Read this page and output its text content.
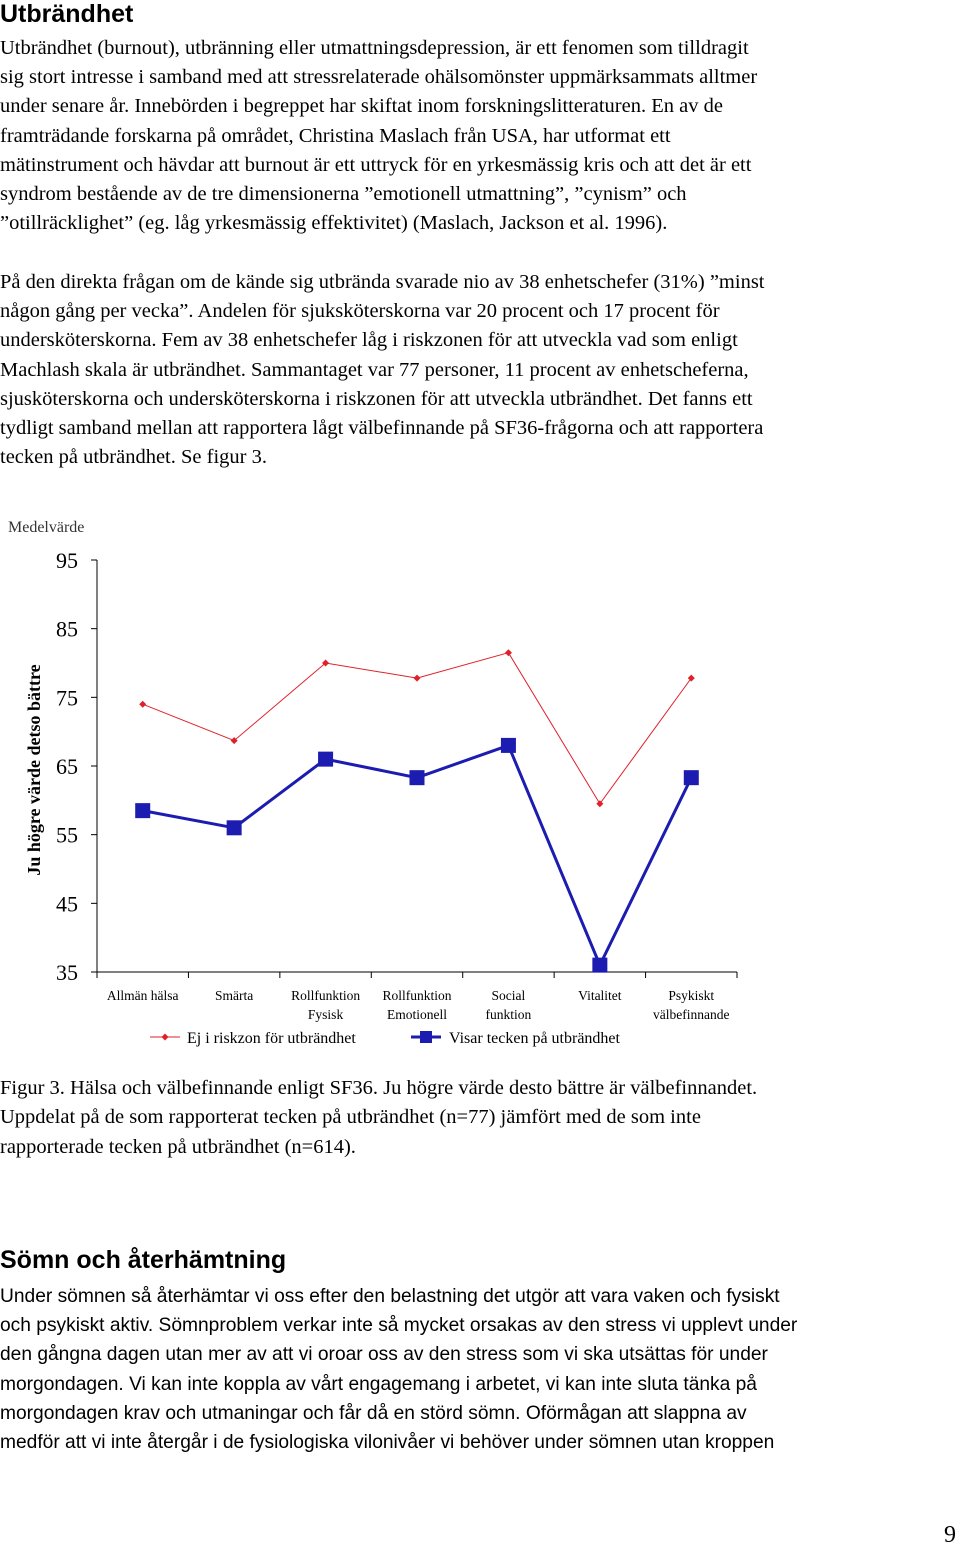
Utbrändhet
Utbrändhet (burnout), utbränning eller utmattningsdepression, är ett fenomen som tilldragit
sig stort intresse i samband med att stressrelaterade ohälsomönster uppmärksammats alltmer
under senare år. Innebörden i begreppet har skiftat inom forskningslitteraturen. En av de
framträdande forskarna på området, Christina Maslach från USA, har utformat ett
mätinstrument och hävdar att burnout är ett uttryck för en yrkesmässig kris och att det är ett
syndrom bestående av de tre dimensionerna ”emotionell utmattning”, ”cynism” och
”otillräcklighet” (eg. låg yrkesmässig effektivitet) (Maslach, Jackson et al. 1996).
På den direkta frågan om de kände sig utbrända svarade nio av 38 enhetschefer (31%) ”minst
någon gång per vecka”. Andelen för sjuksköterskorna var 20 procent och 17 procent för
undersköterskorna. Fem av 38 enhetschefer låg i riskzonen för att utveckla vad som enligt
Machlash skala är utbrändhet. Sammantaget var 77 personer, 11 procent av enhetscheferna,
sjusköterskorna och undersköterskorna i riskzonen för att utveckla utbrändhet. Det fanns ett
tydligt samband mellan att rapportera lågt välbefinnande på SF36-frågorna och att rapportera
tecken på utbrändhet. Se figur 3.
Medelvärde
Ju högre värde detso bättre
95
85
75
65
55
45
35
Allmän hälsa	Smärta	Rollfunktion
Fysisk
Rollfunktion
Emotionell
Social
funktion
Vitalitet	Psykiskt
välbefinnande
Ej i riskzon för utbrändhet	Visar tecken på utbrändhet
Figur 3. Hälsa och välbefinnande enligt SF36. Ju högre värde desto bättre är välbefinnandet.
Uppdelat på de som rapporterat tecken på utbrändhet (n=77) jämfört med de som inte
rapporterade tecken på utbrändhet (n=614).
Sömn och återhämtning
Under sömnen så återhämtar vi oss efter den belastning det utgör att vara vaken och fysiskt
och psykiskt aktiv. Sömnproblem verkar inte så mycket orsakas av den stress vi upplevt under
den gångna dagen utan mer av att vi oroar oss av den stress som vi ska utsättas för under
morgondagen. Vi kan inte koppla av vårt engagemang i arbetet, vi kan inte sluta tänka på
morgondagen krav och utmaningar och får då en störd sömn. Oförmågan att slappna av
medför att vi inte återgår i de fysiologiska vilonivåer vi behöver under sömnen utan kroppen
9
